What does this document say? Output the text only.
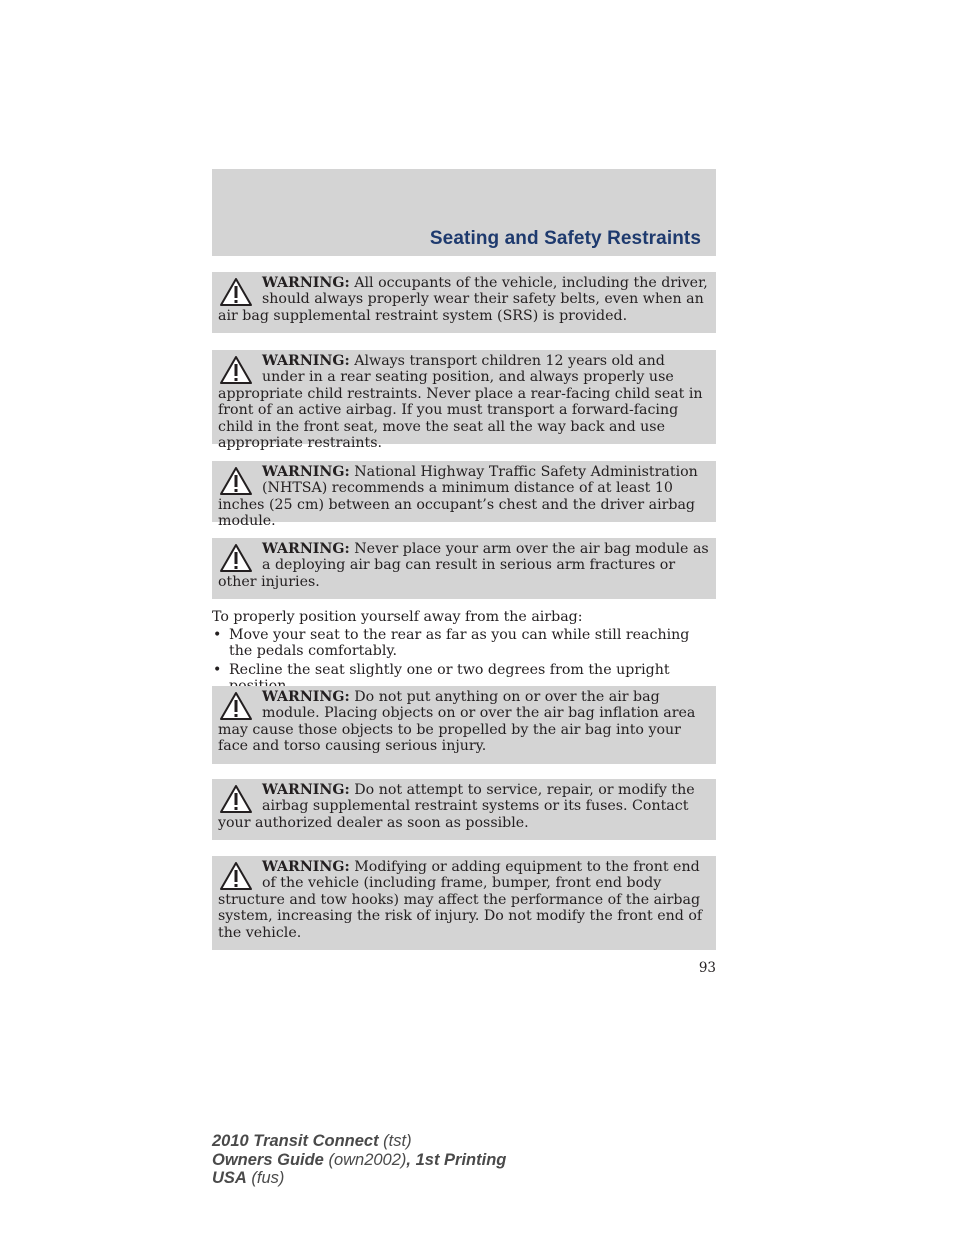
Seating and Safety Restraints
WARNING: All occupants of the vehicle, including the driver, should always properly wear their safety belts, even when an air bag supplemental restraint system (SRS) is provided.
WARNING: Always transport children 12 years old and under in a rear seating position, and always properly use appropriate child restraints. Never place a rear-facing child seat in front of an active airbag. If you must transport a forward-facing child in the front seat, move the seat all the way back and use appropriate restraints.
WARNING: National Highway Traffic Safety Administration (NHTSA) recommends a minimum distance of at least 10 inches (25 cm) between an occupant’s chest and the driver airbag module.
WARNING: Never place your arm over the air bag module as a deploying air bag can result in serious arm fractures or other injuries.

To properly position yourself away from the airbag:

• Move your seat to the rear as far as you can while still reaching the pedals comfortably.
• Recline the seat slightly one or two degrees from the upright
WARNING: Do not put anything on or over the air bag module. Placing objects on or over the air bag inflation area may cause those objects to be propelled by the air bag into your face and torso causing serious injury.
WARNING: Do not attempt to service, repair, or modify the airbag supplemental restraint systems or its fuses. Contact your authorized dealer as soon as possible.
WARNING: Modifying or adding equipment to the front end of the vehicle (including frame, bumper, front end body structure and tow hooks) may affect the performance of the airbag system, increasing the risk of injury. Do not modify the front end of the vehicle.
93
2010 Transit Connect (tst)
Owners Guide (own2002), 1st Printing
USA (fus)
